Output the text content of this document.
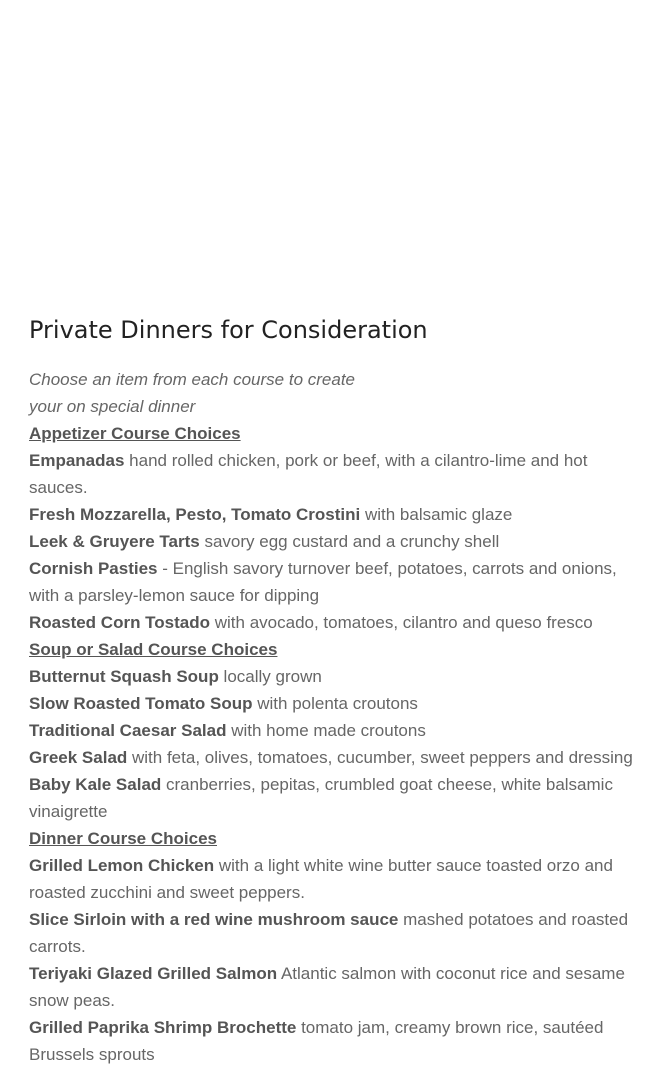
Private Dinners for Consideration

Choose an item from each course to create

your on special dinner

Appetizer Course Choices

Empanadas hand rolled chicken, pork or beef, with a cilantro-lime and hot sauces.

Fresh Mozzarella, Pesto, Tomato Crostini with balsamic glaze

Leek & Gruyere Tarts savory egg custard and a crunchy shell

Cornish Pasties - English savory turnover beef, potatoes, carrots and onions, with a parsley-lemon sauce for dipping

Roasted Corn Tostado with avocado, tomatoes, cilantro and queso fresco

Soup or Salad Course Choices

Butternut Squash Soup locally grown

Slow Roasted Tomato Soup with polenta croutons

Traditional Caesar Salad with home made croutons

Greek Salad with feta, olives, tomatoes, cucumber, sweet peppers and dressing

Baby Kale Salad cranberries, pepitas, crumbled goat cheese, white balsamic vinaigrette

Dinner Course Choices

Grilled Lemon Chicken with a light white wine butter sauce toasted orzo and roasted zucchini and sweet peppers.

Slice Sirloin with a red wine mushroom sauce mashed potatoes and roasted carrots.

Teriyaki Glazed Grilled Salmon Atlantic salmon with coconut rice and sesame snow peas.

Grilled Paprika Shrimp Brochette tomato jam, creamy brown rice, sautéed Brussels sprouts
